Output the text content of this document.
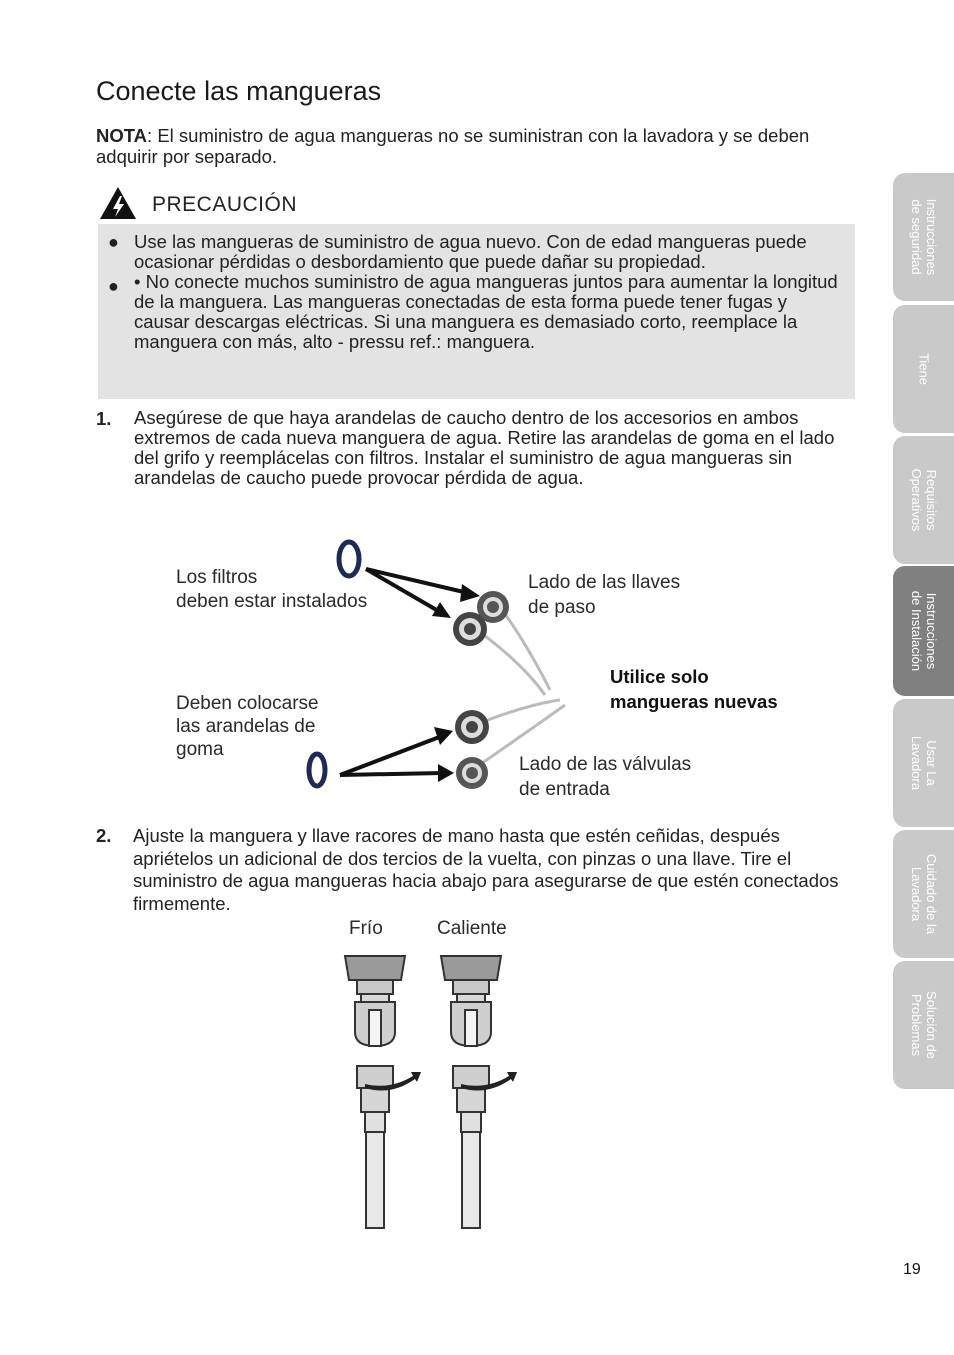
Conecte las mangueras
NOTA: El suministro de agua mangueras no se suministran con la lavadora y se deben adquirir por separado.
PRECAUCIÓN
●
●
Use las mangueras de suministro de agua nuevo. Con de edad mangueras puede ocasionar pérdidas o desbordamiento que puede dañar su propiedad.
• No conecte muchos suministro de agua mangueras juntos para aumentar la longitud de la manguera. Las mangueras conectadas de esta forma puede tener fugas y causar descargas eléctricas. Si una manguera es demasiado corto, reemplace la manguera con más, alto - pressu ref.: manguera.
1. Asegúrese de que haya arandelas de caucho dentro de los accesorios en ambos extremos de cada nueva manguera de agua. Retire las arandelas de goma en el lado del grifo y reemplácelas con filtros. Instalar el suministro de agua mangueras sin arandelas de caucho puede provocar pérdida de agua.
Los filtros
deben estar instalados
Lado de las llaves
de paso
Utilice solo
mangueras nuevas
Deben colocarse
las arandelas de
goma
Lado de las válvulas
de entrada
2. Ajuste la manguera y llave racores de mano hasta que estén ceñidas, después apriételos un adicional de dos tercios de la vuelta, con pinzas o una llave. Tire el suministro de agua mangueras hacia abajo para asegurarse de que estén conectados firmemente.
Frío	Caliente
Instrucciones
de seguridad
Tiene
Requisitos
Operativos
Instrucciones
de Instalación
Usar La
Lavadora
Cuidado de la
Lavadora
Solución de
Problemas
19
